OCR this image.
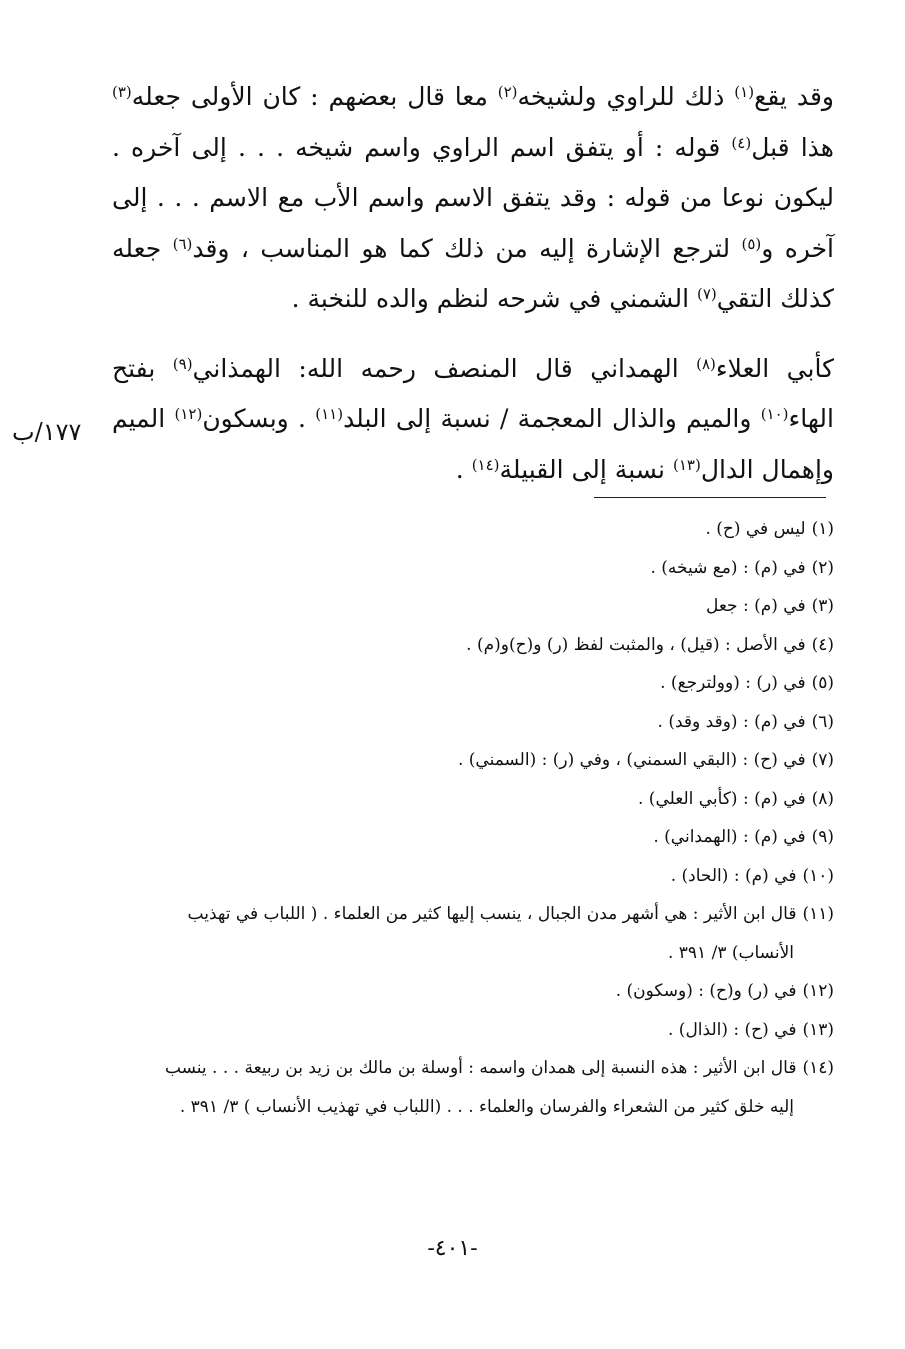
وقد يقع$^{(١)}$ ذلك للراوي ولشيخه$^{(٢)}$ معا قال بعضهم : كان الأولى جعله$^{(٣)}$ هذا قبل$^{(٤)}$ قوله : أو يتفق اسم الراوي واسم شيخه . . . إلى آخره . ليكون نوعا من قوله : وقد يتفق الاسم واسم الأب مع الاسم . . . إلى آخره و$^{(٥)}$ لترجع الإشارة إليه من ذلك كما هو المناسب ، وقد$^{(٦)}$ جعله كذلك التقي$^{(٧)}$ الشمني في شرحه لنظم والده للنخبة .

كأبي العلاء$^{(٨)}$ الهمداني قال المنصف رحمه الله: الهمذاني$^{(٩)}$ بفتح الهاء$^{(١٠)}$ والميم والذال المعجمة / نسبة إلى البلد$^{(١١)}$ . وبسكون$^{(١٢)}$ الميم وإهمال الدال$^{(١٣)}$ نسبة إلى القبيلة$^{(١٤)}$ .

١٧٧/ب
(١)ليس في (ح) .
(٢)في (م) : (مع شيخه) .
(٣)في (م) : جعل
(٤)في الأصل : (قيل) ، والمثبت لفظ (ر) و(ح)و(م) .
(٥)في (ر) : (وولترجع) .
(٦)في (م) : (وقد وقد) .
(٧)في (ح) : (البقي السمني) ، وفي (ر) : (السمني) .
(٨)في (م) : (كأبي العلي) .
(٩)في (م) : (الهمداني) .
(١٠)في (م) : (الحاد) .
(١١)قال ابن الأثير : هي أشهر مدن الجبال ، ينسب إليها كثير من العلماء . ( اللباب في تهذيب
الأنساب) ٣/ ٣٩١ .
(١٢)في (ر) و(ح) : (وسكون) .
(١٣)في (ح) : (الذال) .
(١٤)قال ابن الأثير : هذه النسبة إلى همدان واسمه : أوسلة بن مالك بن زيد بن ربيعة . . . ينسب
إليه خلق كثير من الشعراء والفرسان والعلماء . . . (اللباب في تهذيب الأنساب ) ٣/ ٣٩١ .
-٤٠١-
